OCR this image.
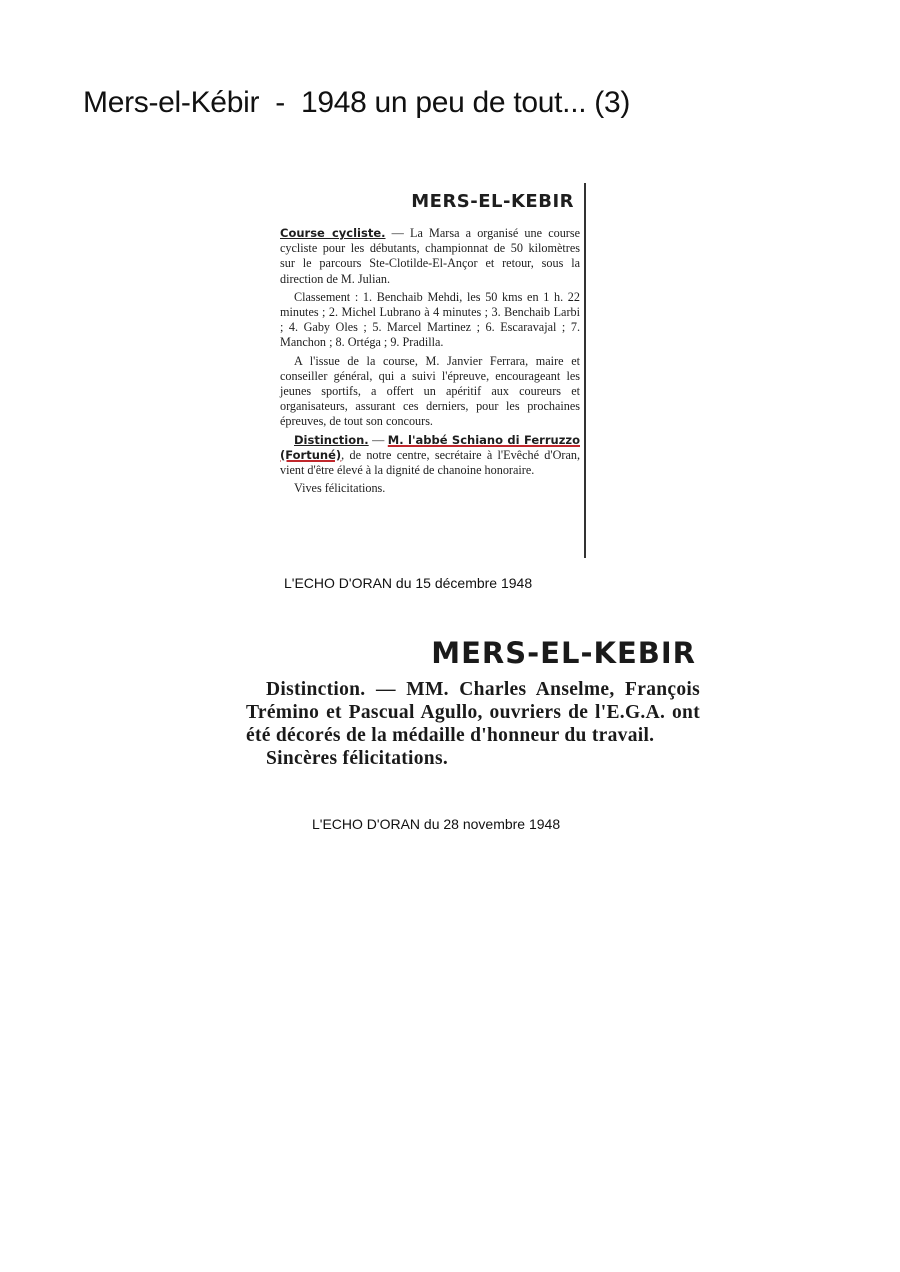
Mers-el-Kébir  -  1948 un peu de tout... (3)
MERS-EL-KEBIR

Course cycliste. — La Marsa a organisé une course cycliste pour les débutants, championnat de 50 kilomètres sur le parcours Ste-Clotilde-El-Ançor et retour, sous la direction de M. Julian.

Classement : 1. Benchaib Mehdi, les 50 kms en 1 h. 22 minutes ; 2. Michel Lubrano à 4 minutes ; 3. Benchaib Larbi ; 4. Gaby Oles ; 5. Marcel Martinez ; 6. Escaravajal ; 7. Manchon ; 8. Ortéga ; 9. Pradilla.

A l'issue de la course, M. Janvier Ferrara, maire et conseiller général, qui a suivi l'épreuve, encourageant les jeunes sportifs, a offert un apéritif aux coureurs et organisateurs, assurant ces derniers, pour les prochaines épreuves, de tout son concours.

Distinction. — M. l'abbé Schiano di Ferruzzo (Fortuné), de notre centre, secrétaire à l'Evêché d'Oran, vient d'être élevé à la dignité de chanoine honoraire.

Vives félicitations.

L'ECHO D'ORAN du 15 décembre 1948
MERS-EL-KEBIR

Distinction. — MM. Charles Anselme, François Trémino et Pascual Agullo, ouvriers de l'E.G.A. ont été décorés de la médaille d'honneur du travail.

Sincères félicitations.

L'ECHO D'ORAN du 28 novembre 1948
